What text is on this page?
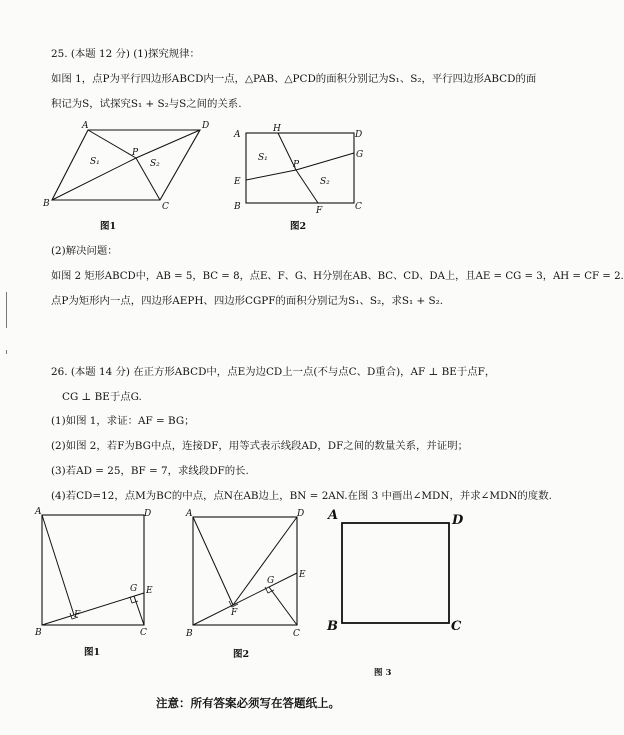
25. (本题 12 分) (1)探究规律：
如图 1，点P为平行四边形ABCD内一点，△PAB、△PCD的面积分别记为S₁、S₂，平行四边形ABCD的面
积记为S，试探究S₁ + S₂与S之间的关系.
A	D
B	C
P
S₁	S₂
图1
A
H
D
G
E
P
B	F	C
S₁
S₂
图2
(2)解决问题：
如图 2 矩形ABCD中，AB = 5，BC = 8，点E、F、G、H分别在AB、BC、CD、DA上，且AE = CG = 3，AH = CF = 2.
点P为矩形内一点，四边形AEPH、四边形CGPF的面积分别记为S₁、S₂，求S₁ + S₂.
26. (本题 14 分) 在正方形ABCD中，点E为边CD上一点(不与点C、D重合)，AF ⊥ BE于点F，
CG ⊥ BE于点G.
(1)如图 1，求证：AF = BG；
(2)如图 2，若F为BG中点，连接DF，用等式表示线段AD，DF之间的数量关系，并证明；
(3)若AD = 25，BF = 7，求线段DF的长.
(4)若CD=12，点M为BC的中点，点N在AB边上，BN = 2AN.在图 3 中画出∠MDN，并求∠MDN的度数.
A	D
G E
F
B	C
图1
A	D
G
E
F
B	C
图2
A	D
B	C
图 3
注意：所有答案必须写在答题纸上。
